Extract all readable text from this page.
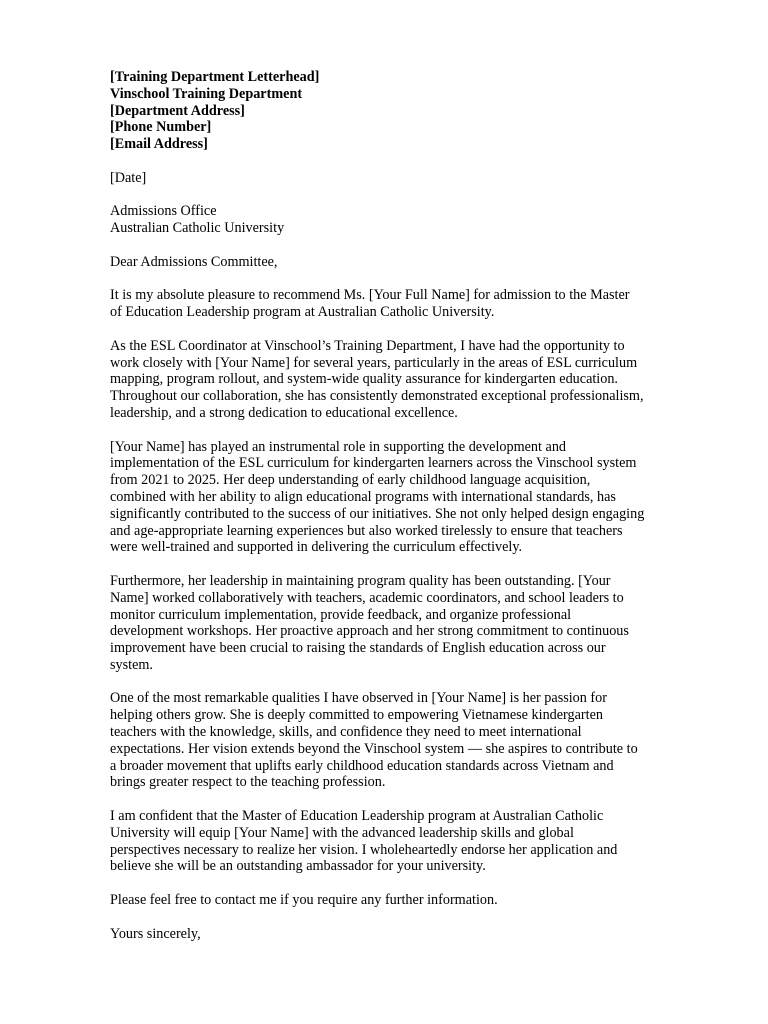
[Training Department Letterhead]
Vinschool Training Department
[Department Address]
[Phone Number]
[Email Address]

[Date]

Admissions Office
Australian Catholic University

Dear Admissions Committee,

It is my absolute pleasure to recommend Ms. [Your Full Name] for admission to the Master
of Education Leadership program at Australian Catholic University.

As the ESL Coordinator at Vinschool’s Training Department, I have had the opportunity to
work closely with [Your Name] for several years, particularly in the areas of ESL curriculum
mapping, program rollout, and system-wide quality assurance for kindergarten education.
Throughout our collaboration, she has consistently demonstrated exceptional professionalism,
leadership, and a strong dedication to educational excellence.

[Your Name] has played an instrumental role in supporting the development and
implementation of the ESL curriculum for kindergarten learners across the Vinschool system
from 2021 to 2025. Her deep understanding of early childhood language acquisition,
combined with her ability to align educational programs with international standards, has
significantly contributed to the success of our initiatives. She not only helped design engaging
and age-appropriate learning experiences but also worked tirelessly to ensure that teachers
were well-trained and supported in delivering the curriculum effectively.

Furthermore, her leadership in maintaining program quality has been outstanding. [Your
Name] worked collaboratively with teachers, academic coordinators, and school leaders to
monitor curriculum implementation, provide feedback, and organize professional
development workshops. Her proactive approach and her strong commitment to continuous
improvement have been crucial to raising the standards of English education across our
system.

One of the most remarkable qualities I have observed in [Your Name] is her passion for
helping others grow. She is deeply committed to empowering Vietnamese kindergarten
teachers with the knowledge, skills, and confidence they need to meet international
expectations. Her vision extends beyond the Vinschool system — she aspires to contribute to
a broader movement that uplifts early childhood education standards across Vietnam and
brings greater respect to the teaching profession.

I am confident that the Master of Education Leadership program at Australian Catholic
University will equip [Your Name] with the advanced leadership skills and global
perspectives necessary to realize her vision. I wholeheartedly endorse her application and
believe she will be an outstanding ambassador for your university.

Please feel free to contact me if you require any further information.

Yours sincerely,
